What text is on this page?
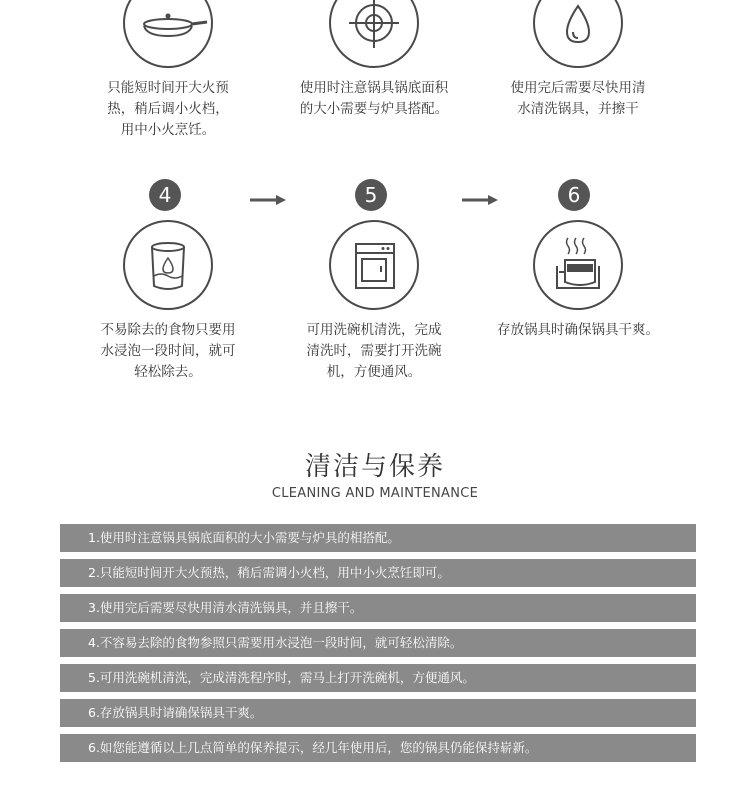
只能短时间开大火预
热，稍后调小火档，
用中小火烹饪。
使用时注意锅具锅底面积
的大小需要与炉具搭配。
使用完后需要尽快用清
水清洗锅具，并擦干
4	5	6
不易除去的食物只要用
水浸泡一段时间，就可
轻松除去。
可用洗碗机清洗，完成
清洗时，需要打开洗碗
机，方便通风。
存放锅具时确保锅具干爽。
清洁与保养
CLEANING AND MAINTENANCE
1.使用时注意锅具锅底面积的大小需要与炉具的相搭配。
2.只能短时间开大火预热，稍后需调小火档，用中小火烹饪即可。
3.使用完后需要尽快用清水清洗锅具，并且擦干。
4.不容易去除的食物参照只需要用水浸泡一段时间，就可轻松清除。
5.可用洗碗机清洗，完成清洗程序时，需马上打开洗碗机，方便通风。
6.存放锅具时请确保锅具干爽。
6.如您能遵循以上几点简单的保养提示，经几年使用后，您的锅具仍能保持崭新。
